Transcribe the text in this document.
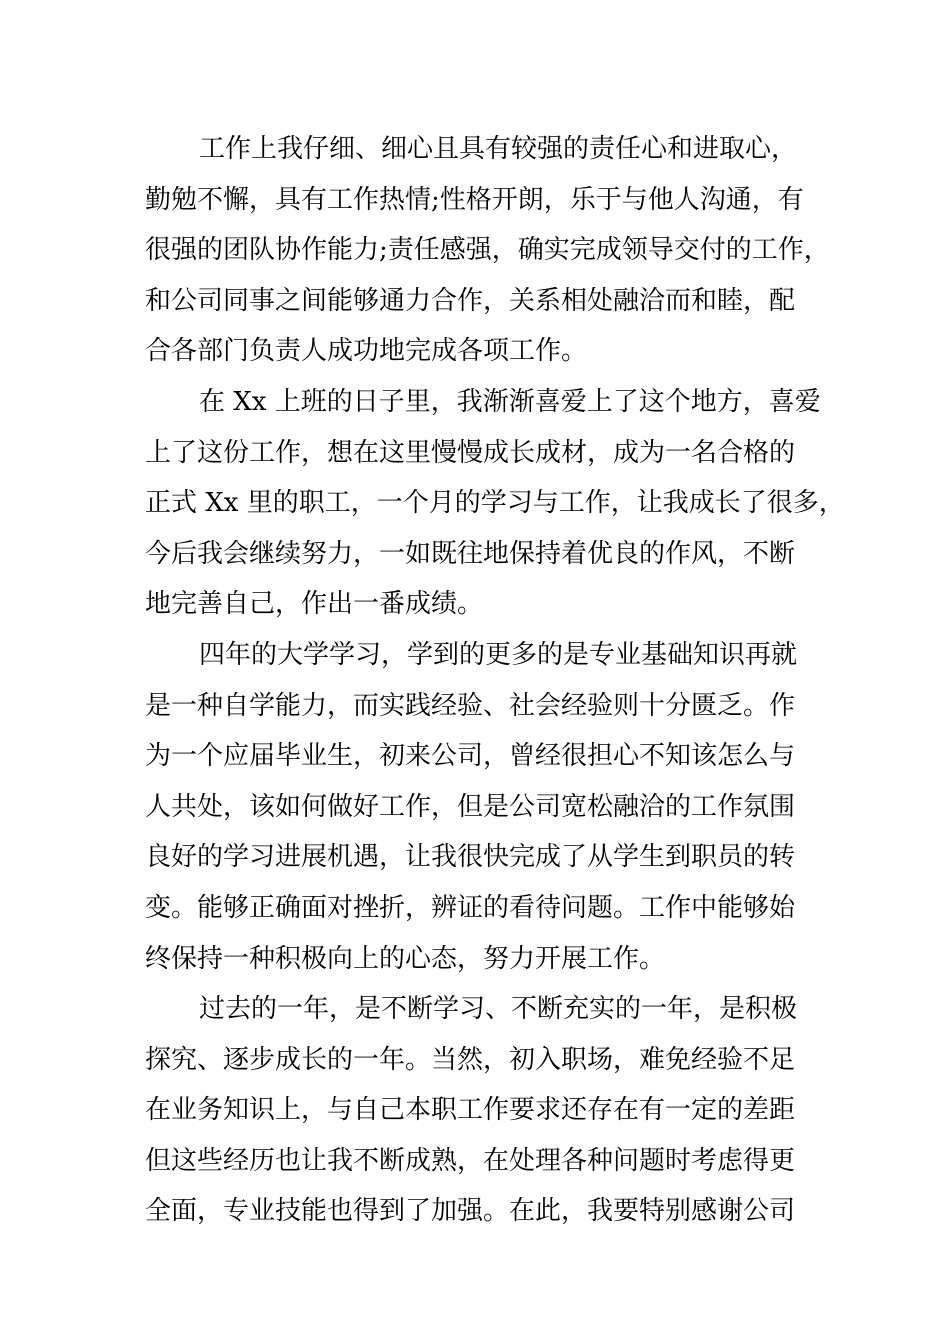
工作上我仔细、细心且具有较强的责任心和进取心，
勤勉不懈，具有工作热情;性格开朗，乐于与他人沟通，有
很强的团队协作能力;责任感强，确实完成领导交付的工作，
和公司同事之间能够通力合作，关系相处融洽而和睦，配
合各部门负责人成功地完成各项工作。
在 Xx 上班的日子里，我渐渐喜爱上了这个地方，喜爱
上了这份工作，想在这里慢慢成长成材，成为一名合格的
正式 Xx 里的职工，一个月的学习与工作，让我成长了很多，
今后我会继续努力，一如既往地保持着优良的作风，不断
地完善自己，作出一番成绩。
四年的大学学习，学到的更多的是专业基础知识再就
是一种自学能力，而实践经验、社会经验则十分匮乏。作
为一个应届毕业生，初来公司，曾经很担心不知该怎么与
人共处，该如何做好工作，但是公司宽松融洽的工作氛围
良好的学习进展机遇，让我很快完成了从学生到职员的转
变。能够正确面对挫折，辨证的看待问题。工作中能够始
终保持一种积极向上的心态，努力开展工作。
过去的一年，是不断学习、不断充实的一年，是积极
探究、逐步成长的一年。当然，初入职场，难免经验不足
在业务知识上，与自己本职工作要求还存在有一定的差距
但这些经历也让我不断成熟，在处理各种问题时考虑得更
全面，专业技能也得到了加强。在此，我要特别感谢公司
